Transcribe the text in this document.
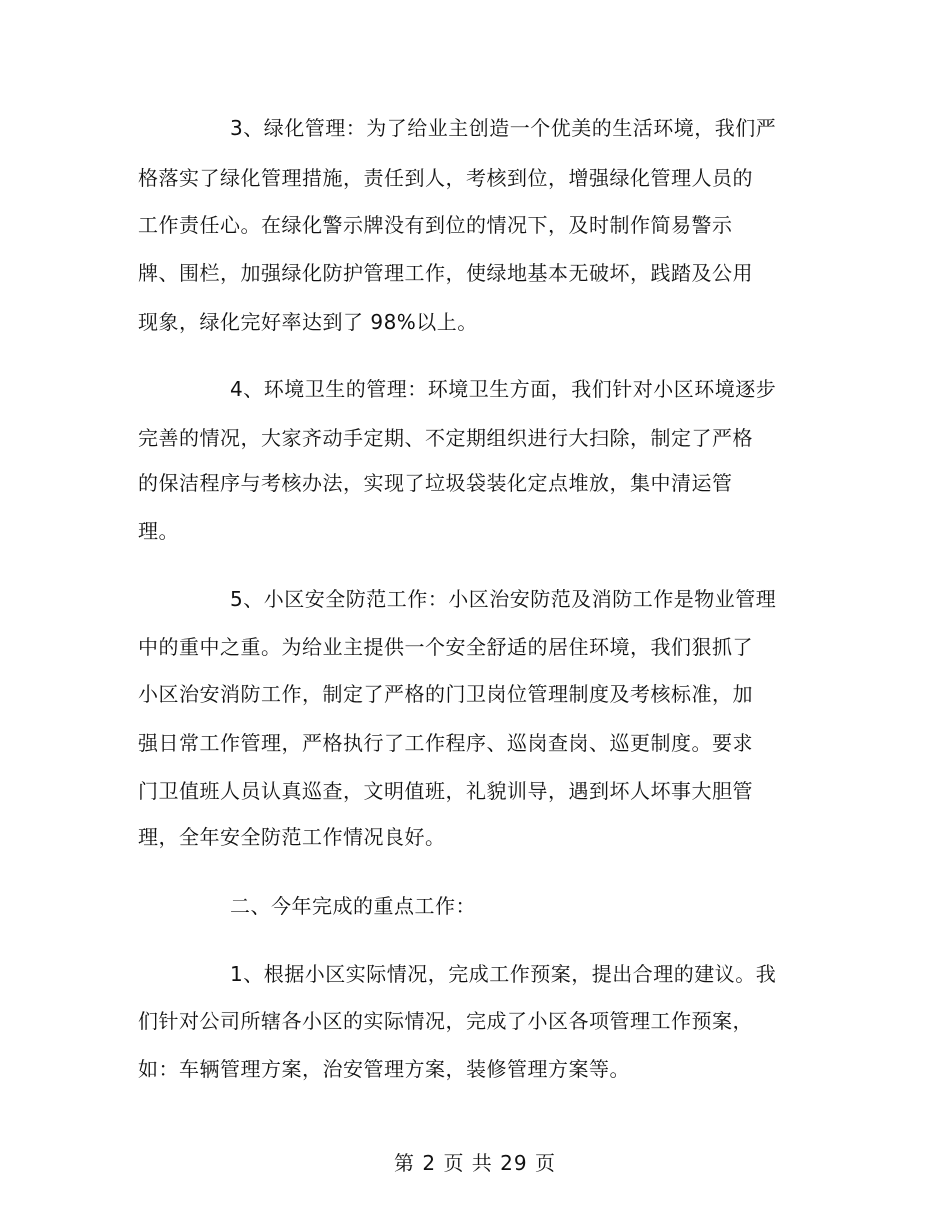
3、绿化管理：为了给业主创造一个优美的生活环境，我们严
格落实了绿化管理措施，责任到人，考核到位，增强绿化管理人员的
工作责任心。在绿化警示牌没有到位的情况下，及时制作简易警示
牌、围栏，加强绿化防护管理工作，使绿地基本无破坏，践踏及公用
现象，绿化完好率达到了 98%以上。
4、环境卫生的管理：环境卫生方面，我们针对小区环境逐步
完善的情况，大家齐动手定期、不定期组织进行大扫除，制定了严格
的保洁程序与考核办法，实现了垃圾袋装化定点堆放，集中清运管
理。
5、小区安全防范工作：小区治安防范及消防工作是物业管理
中的重中之重。为给业主提供一个安全舒适的居住环境，我们狠抓了
小区治安消防工作，制定了严格的门卫岗位管理制度及考核标准，加
强日常工作管理，严格执行了工作程序、巡岗查岗、巡更制度。要求
门卫值班人员认真巡查，文明值班，礼貌训导，遇到坏人坏事大胆管
理，全年安全防范工作情况良好。
二、今年完成的重点工作：
1、根据小区实际情况，完成工作预案，提出合理的建议。我
们针对公司所辖各小区的实际情况，完成了小区各项管理工作预案，
如：车辆管理方案，治安管理方案，装修管理方案等。
第 2 页 共 29 页
